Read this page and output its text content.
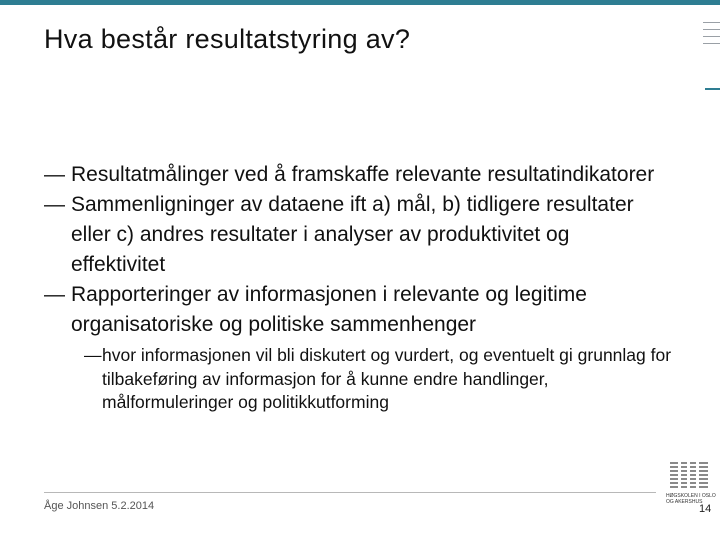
Hva består resultatstyring av?
— Resultatmålinger ved å framskaffe relevante resultatindikatorer
— Sammenligninger av dataene ift a) mål, b) tidligere resultater eller c) andres resultater i analyser av produktivitet og effektivitet
— Rapporteringer av informasjonen i relevante og legitime organisatoriske og politiske sammenhenger
— hvor informasjonen vil bli diskutert og vurdert, og eventuelt gi grunnlag for tilbakeføring av informasjon for å kunne endre handlinger, målformuleringer og politikkutforming
Åge Johnsen 5.2.2014
HØGSKOLEN I OSLO OG AKERSHUS
14
